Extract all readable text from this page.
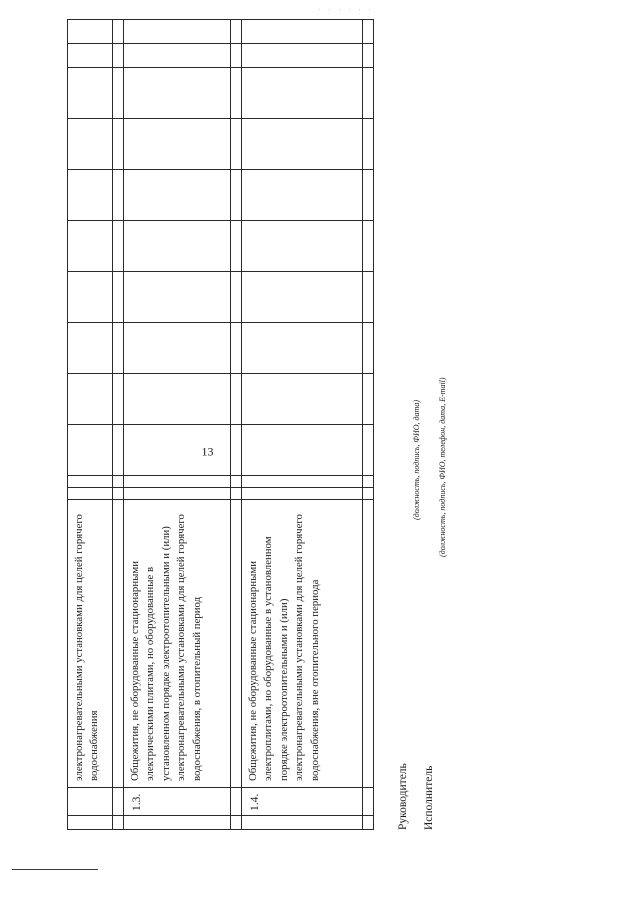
· · · · · ·
13
		электронагревательными установками для целей горячего водоснабжения												

	1.3.	Общежития, не оборудованные стационарными электрическими плитами, но оборудованные в установленном порядке электроотопительными и (или) электронагревательными установками для целей горячего водоснабжения, в отопительный период												

	1.4.	Общежития, не оборудованные стационарными электроплитами, но оборудованные в установленном порядке электроотопительными и (или) электронагревательными установками для целей горячего водоснабжения, вне отопительного периода												

Руководитель
(должность, подпись, ФИО, дата)
Исполнитель
(должность, подпись, ФИО, телефон, дата, E-mail)
